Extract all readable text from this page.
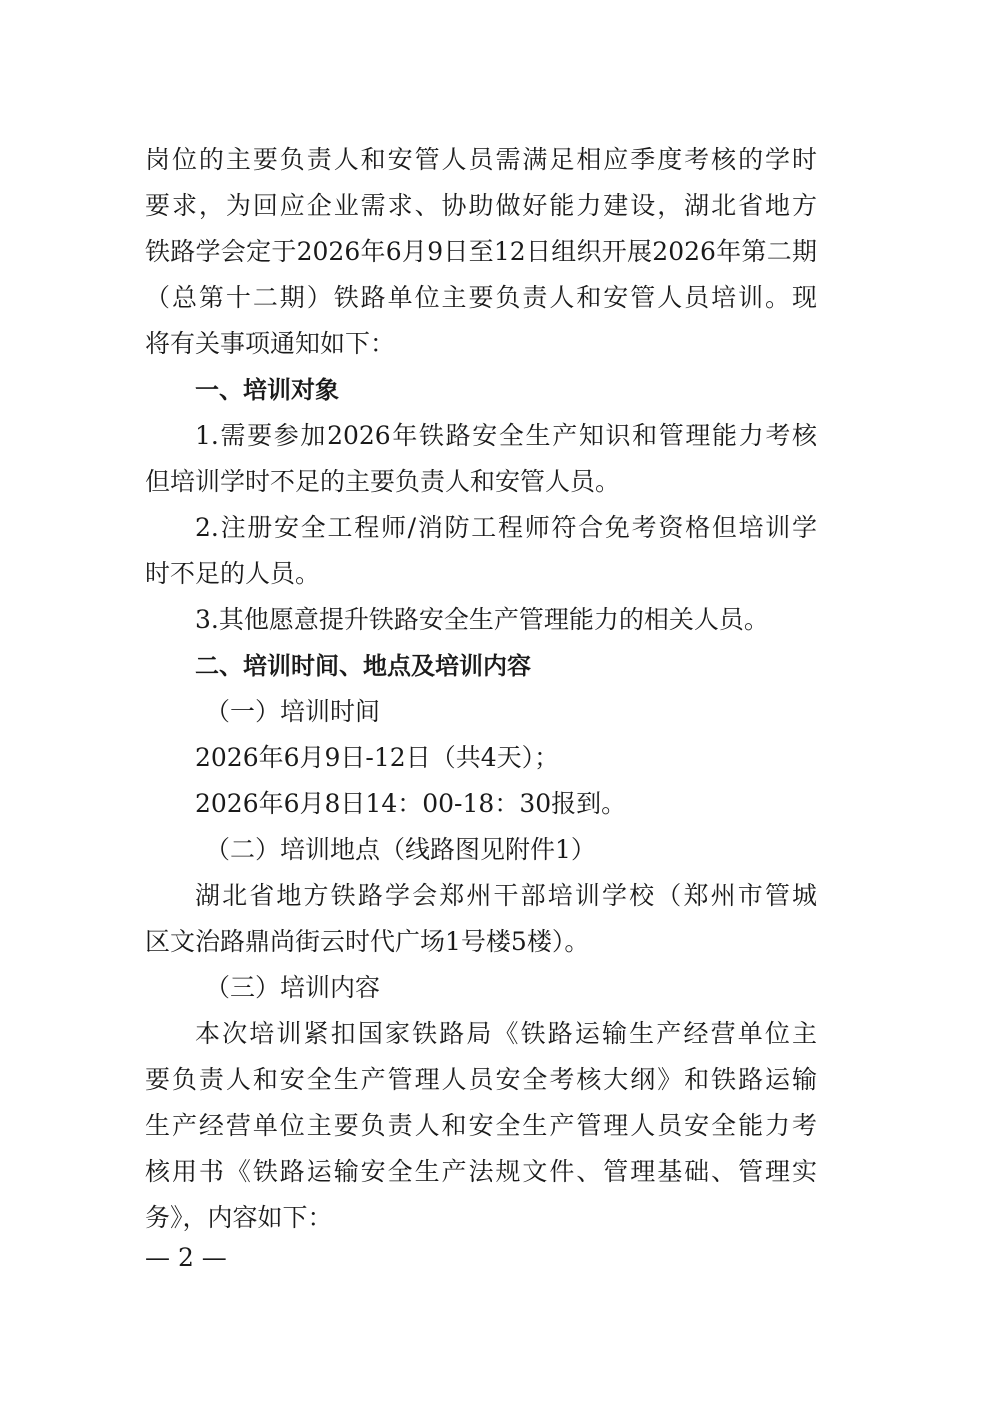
岗位的主要负责人和安管人员需满足相应季度考核的学时
要求，为回应企业需求、协助做好能力建设，湖北省地方
铁路学会定于2026年6月9日至12日组织开展2026年第二期
（总第十二期）铁路单位主要负责人和安管人员培训。现
将有关事项通知如下：
一、培训对象
1.需要参加2026年铁路安全生产知识和管理能力考核
但培训学时不足的主要负责人和安管人员。
2.注册安全工程师/消防工程师符合免考资格但培训学
时不足的人员。
3.其他愿意提升铁路安全生产管理能力的相关人员。
二、培训时间、地点及培训内容
（一）培训时间
2026年6月9日-12日（共4天）；
2026年6月8日14：00-18：30报到。
（二）培训地点（线路图见附件1）
湖北省地方铁路学会郑州干部培训学校（郑州市管城
区文治路鼎尚街云时代广场1号楼5楼）。
（三）培训内容
本次培训紧扣国家铁路局《铁路运输生产经营单位主
要负责人和安全生产管理人员安全考核大纲》和铁路运输
生产经营单位主要负责人和安全生产管理人员安全能力考
核用书《铁路运输安全生产法规文件、管理基础、管理实
务》，内容如下：
— 2 —
